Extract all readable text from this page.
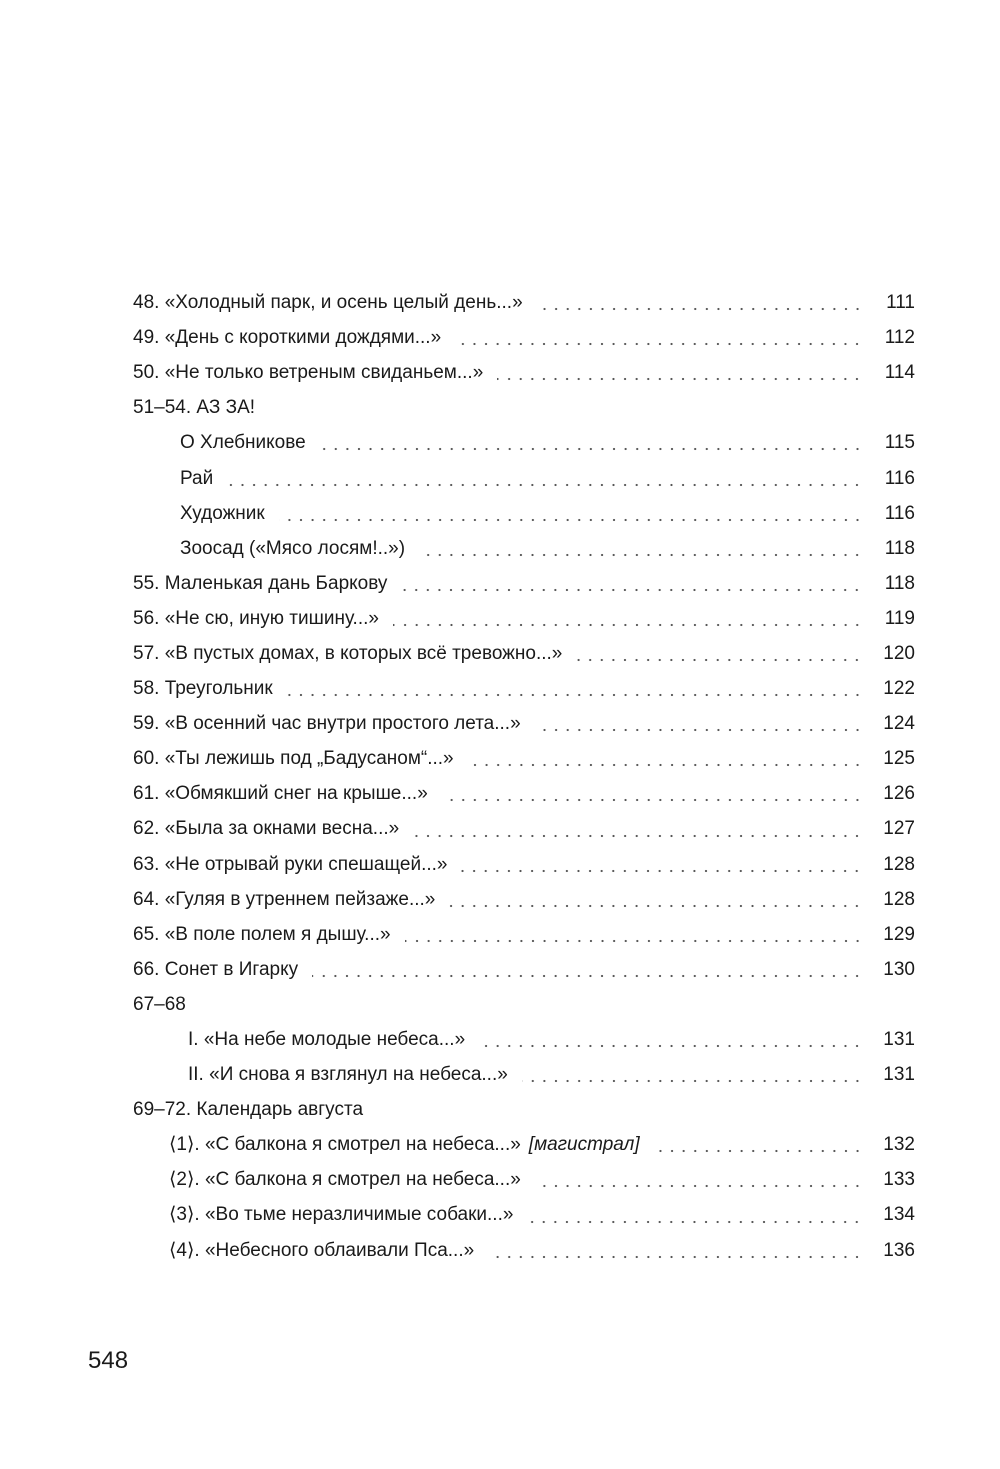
48. «Холодный парк, и осень целый день...»	111
49. «День с короткими дождями...»	112
50. «Не только ветреным свиданьем...»	114
51–54. АЗ ЗА!
О Хлебникове	115
Рай	116
Художник	116
Зоосад («Мясо лосям!..»)	118
55. Маленькая дань Баркову	118
56. «Не сю, иную тишину...»	119
57. «В пустых домах, в которых всё тревожно...»	120
58. Треугольник	122
59. «В осенний час внутри простого лета...»	124
60. «Ты лежишь под „Бадусаном“...»	125
61. «Обмякший снег на крыше...»	126
62. «Была за окнами весна...»	127
63. «Не отрывай руки спешащей...»	128
64. «Гуляя в утреннем пейзаже...»	128
65. «В поле полем я дышу...»	129
66. Сонет в Игарку	130
67–68
I. «На небе молодые небеса...»	131
II. «И снова я взглянул на небеса...»	131
69–72. Календарь августа
⟨1⟩. «С балкона я смотрел на небеса...» [магистрал]	132
⟨2⟩. «С балкона я смотрел на небеса...»	133
⟨3⟩. «Во тьме неразличимые собаки...»	134
⟨4⟩. «Небесного облаивали Пса...»	136
548
